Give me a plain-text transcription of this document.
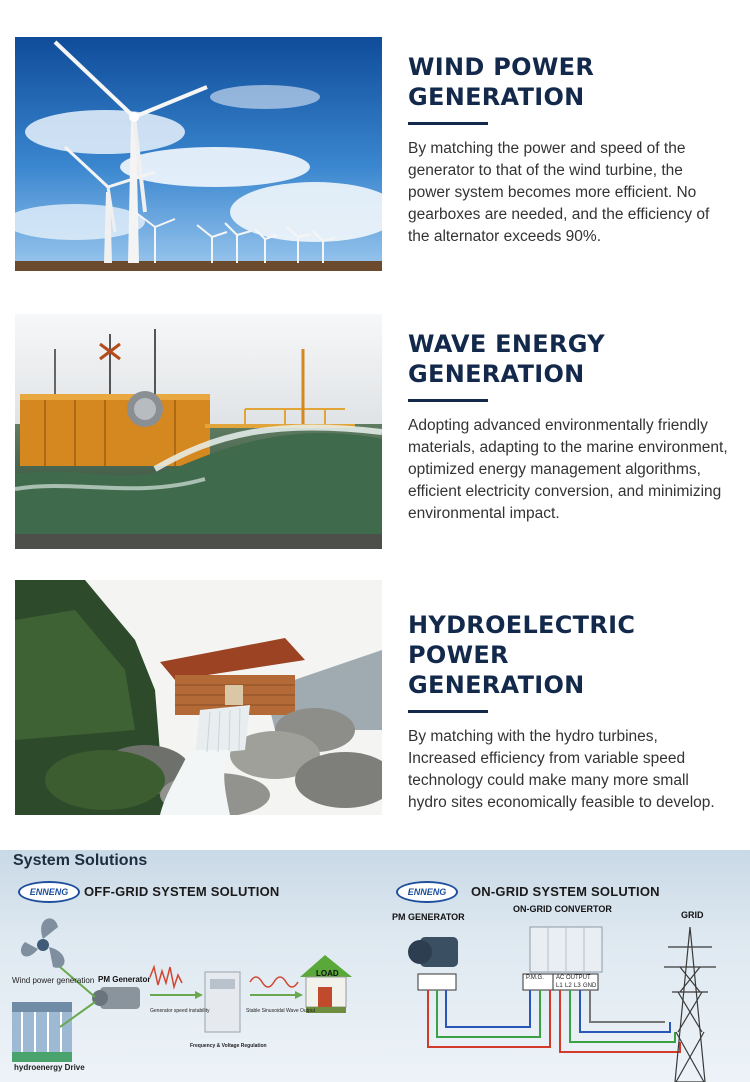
WIND POWER GENERATION

By matching the power and speed of the generator to that of the wind turbine, the power system becomes more efficient. No gearboxes are needed, and the efficiency of the alternator exceeds 90%.

WAVE ENERGY GENERATION

Adopting advanced environmentally friendly materials, adapting to the marine environment, optimized energy management algorithms, efficient electricity conversion, and minimizing environmental impact.

HYDROELECTRIC POWER
GENERATION

By matching with the hydro turbines, Increased efficiency from variable speed technology could make many more small hydro sites economically feasible to develop.

System Solutions
ENNENG	OFF-GRID SYSTEM SOLUTION
Wind power generation
hydroenergy Drive
PM Generator
Generator speed instability	Stable Sinusoidal Wave Output
Frequency & Voltage Regulation
LOAD
ENNENG	ON-GRID SYSTEM SOLUTION
PM GENERATOR
ON-GRID CONVERTOR
GRID
P.M.G. AC OUTPUT
L1 L2 L3 GND
